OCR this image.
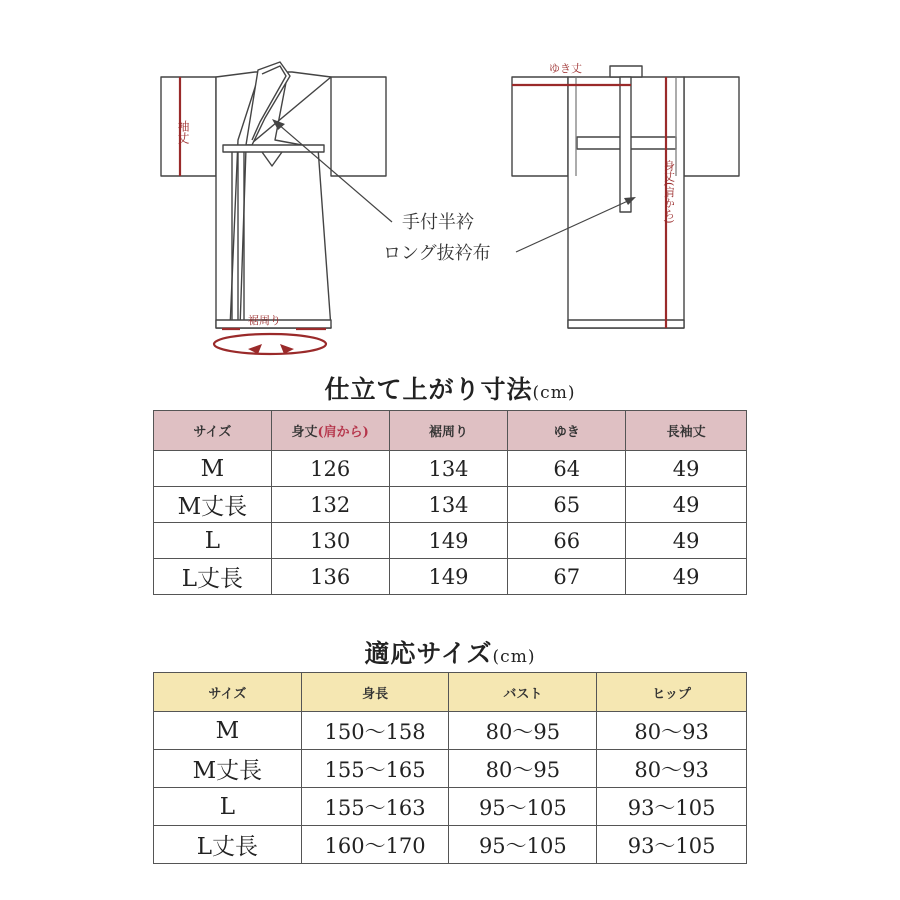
袖丈
裾周り
ゆき丈
身丈(肩から)
手付半衿
ロング抜衿布
仕立て上がり寸法(cm)
サイズ	身丈(肩から)	裾周り	ゆき	長袖丈
M	126	134	64	49
M丈長	132	134	65	49
L	130	149	66	49
L丈長	136	149	67	49
適応サイズ(cm)
サイズ	身長	バスト	ヒップ
M	150〜158	80〜95	80〜93
M丈長	155〜165	80〜95	80〜93
L	155〜163	95〜105	93〜105
L丈長	160〜170	95〜105	93〜105
